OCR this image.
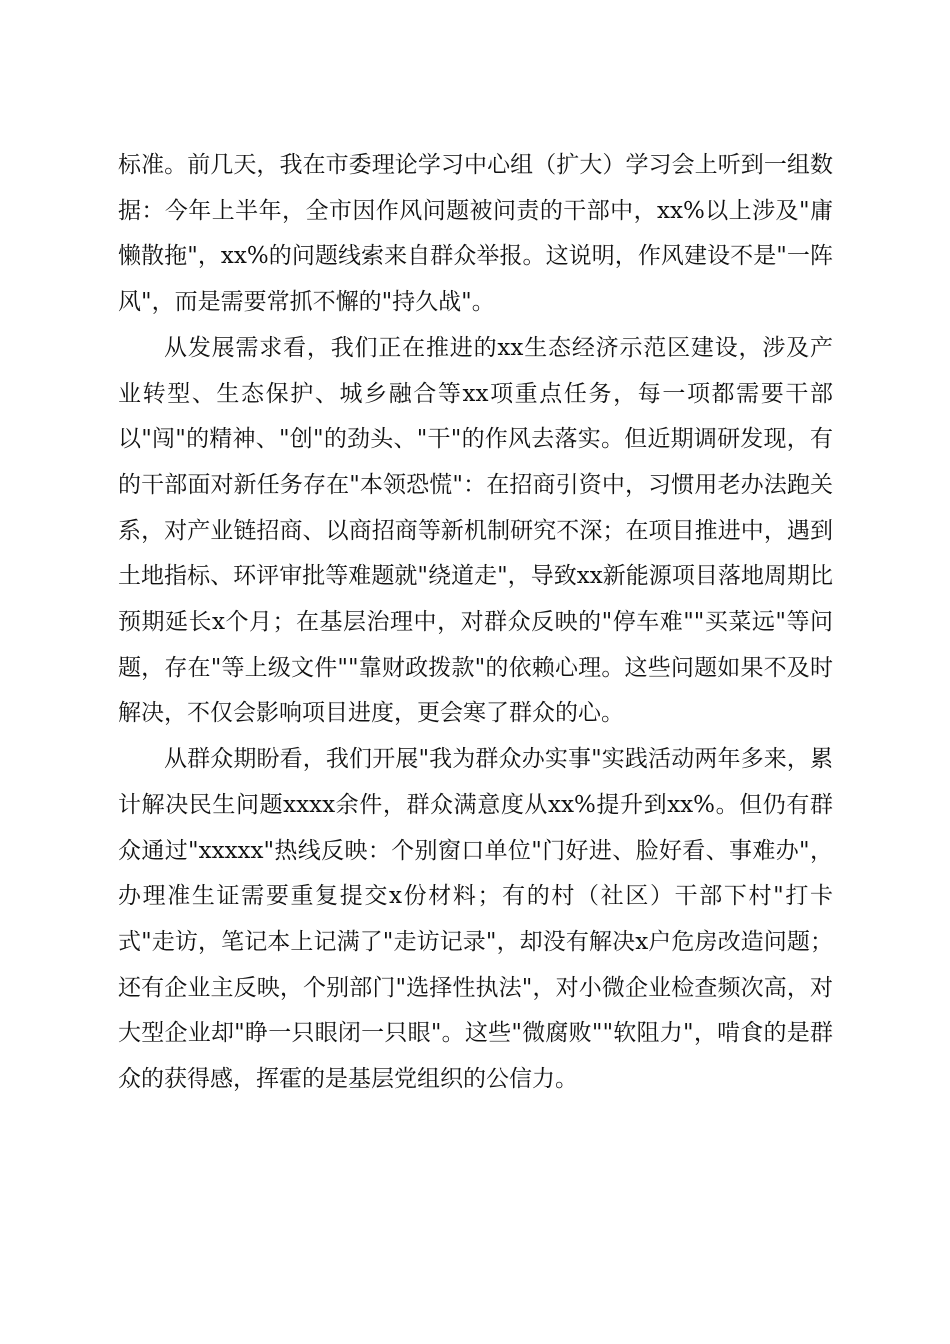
标准。前几天，我在市委理论学习中心组（扩大）学习会上听到一组数据：今年上半年，全市因作风问题被问责的干部中，xx%以上涉及"庸懒散拖"，xx%的问题线索来自群众举报。这说明，作风建设不是"一阵风"，而是需要常抓不懈的"持久战"。

从发展需求看，我们正在推进的xx生态经济示范区建设，涉及产业转型、生态保护、城乡融合等xx项重点任务，每一项都需要干部以"闯"的精神、"创"的劲头、"干"的作风去落实。但近期调研发现，有的干部面对新任务存在"本领恐慌"：在招商引资中，习惯用老办法跑关系，对产业链招商、以商招商等新机制研究不深；在项目推进中，遇到土地指标、环评审批等难题就"绕道走"，导致xx新能源项目落地周期比预期延长x个月；在基层治理中，对群众反映的"停车难""买菜远"等问题，存在"等上级文件""靠财政拨款"的依赖心理。这些问题如果不及时解决，不仅会影响项目进度，更会寒了群众的心。

从群众期盼看，我们开展"我为群众办实事"实践活动两年多来，累计解决民生问题xxxx余件，群众满意度从xx%提升到xx%。但仍有群众通过"xxxxx"热线反映：个别窗口单位"门好进、脸好看、事难办"，办理准生证需要重复提交x份材料；有的村（社区）干部下村"打卡式"走访，笔记本上记满了"走访记录"，却没有解决x户危房改造问题；还有企业主反映，个别部门"选择性执法"，对小微企业检查频次高，对大型企业却"睁一只眼闭一只眼"。这些"微腐败""软阻力"，啃食的是群众的获得感，挥霍的是基层党组织的公信力。
